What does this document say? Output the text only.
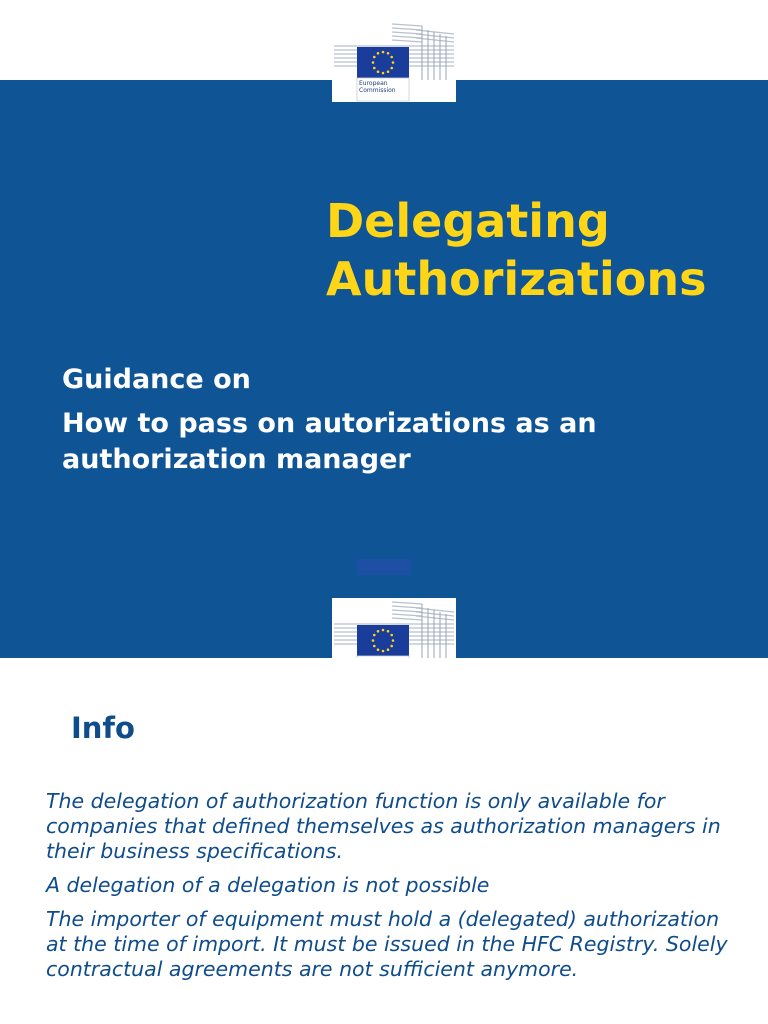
European
Commission
Delegating
Authorizations
Guidance on
How to pass on autorizations as an authorization manager
Info

The delegation of authorization function is only available for companies that defined themselves as authorization managers in their business specifications.

A delegation of a delegation is not possible

The importer of equipment must hold a (delegated) authorization at the time of import. It must be issued in the HFC Registry. Solely contractual agreements are not sufficient anymore.
